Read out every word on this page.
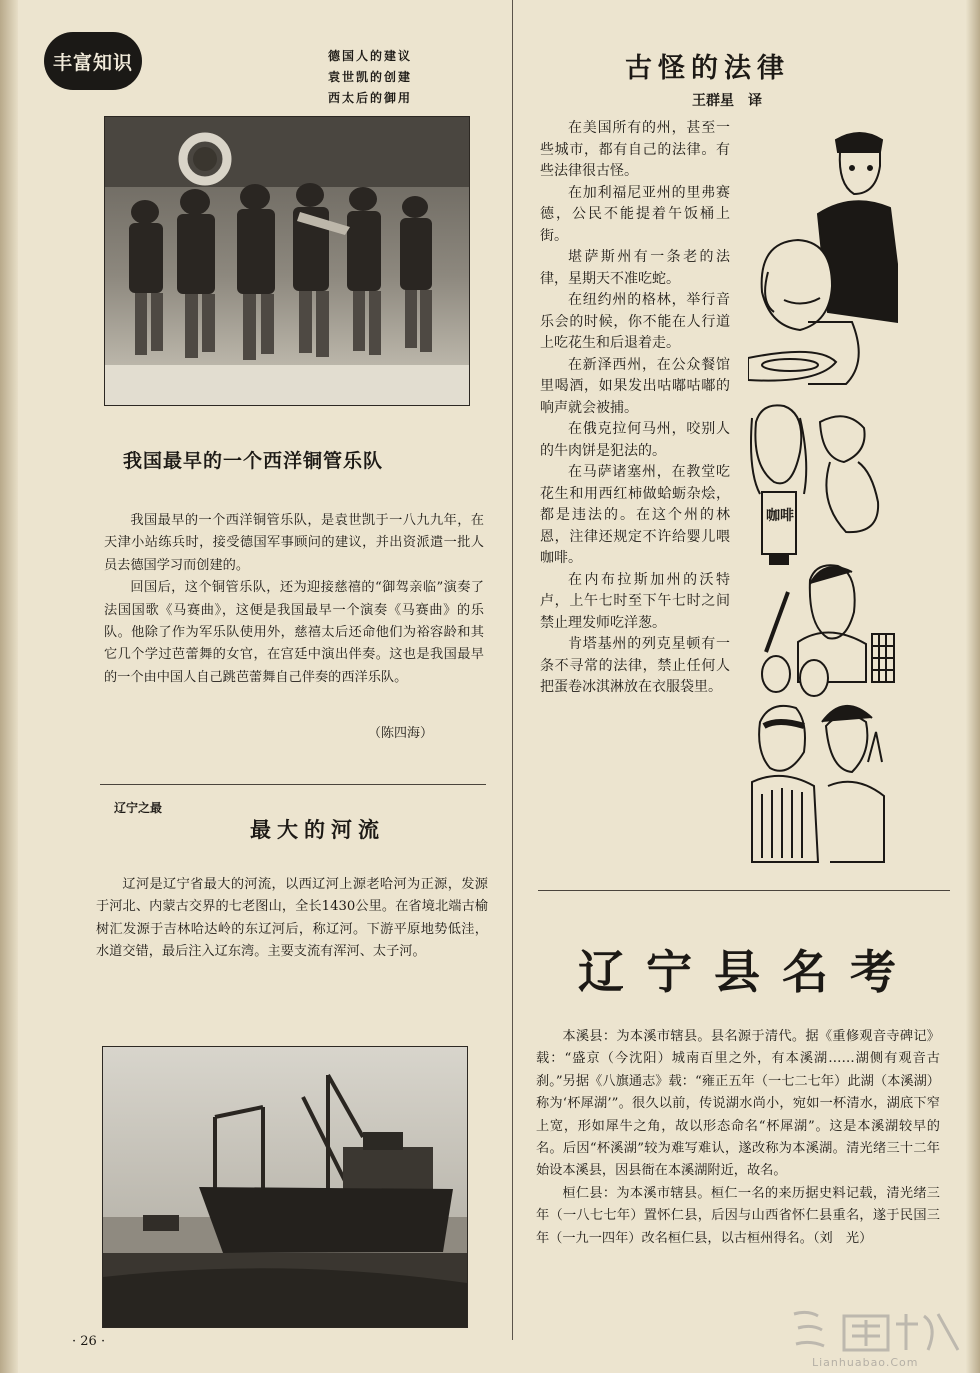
丰富知识	德国人的建议
袁世凯的创建
西太后的御用
我国最早的一个西洋铜管乐队

我国最早的一个西洋铜管乐队，是袁世凯于一八九九年，在天津小站练兵时，接受德国军事顾问的建议，并出资派遣一批人员去德国学习而创建的。

回国后，这个铜管乐队，还为迎接慈禧的“御驾亲临”演奏了法国国歌《马赛曲》，这便是我国最早一个演奏《马赛曲》的乐队。他除了作为军乐队使用外，慈禧太后还命他们为裕容龄和其它几个学过芭蕾舞的女官，在宫廷中演出伴奏。这也是我国最早的一个由中国人自己跳芭蕾舞自己伴奏的西洋乐队。

（陈四海）
辽宁之最
最大的河流

辽河是辽宁省最大的河流，以西辽河上源老哈河为正源，发源于河北、内蒙古交界的七老图山，全长1430公里。在省境北端古榆树汇发源于吉林哈达岭的东辽河后，称辽河。下游平原地势低洼，水道交错，最后注入辽东湾。主要支流有浑河、太子河。

· 26 ·
古怪的法律
王群星　译

在美国所有的州，甚至一些城市，都有自己的法律。有些法律很古怪。

在加利福尼亚州的里弗赛德，公民不能提着午饭桶上街。

堪萨斯州有一条老的法律，星期天不准吃蛇。

在纽约州的格林，举行音乐会的时候，你不能在人行道上吃花生和后退着走。

在新泽西州，在公众餐馆里喝酒，如果发出咕嘟咕嘟的响声就会被捕。

在俄克拉何马州，咬别人的牛肉饼是犯法的。

在马萨诸塞州，在教堂吃花生和用西红柿做蛤蛎杂烩，都是违法的。在这个州的林恩，注律还规定不许给婴儿喂咖啡。

在内布拉斯加州的沃特卢，上午七时至下午七时之间禁止理发师吃洋葱。

肯塔基州的列克星顿有一条不寻常的法律，禁止任何人把蛋卷冰淇淋放在衣服袋里。

咖啡
辽宁县名考

本溪县：为本溪市辖县。县名源于清代。据《重修观音寺碑记》载：“盛京（今沈阳）城南百里之外，有本溪湖……湖侧有观音古刹。”另据《八旗通志》载：“雍正五年（一七二七年）此湖（本溪湖）称为‘杯犀湖’”。很久以前，传说湖水尚小，宛如一杯清水，湖底下窄上宽，形如犀牛之角，故以形态命名“杯犀湖”。这是本溪湖较早的名。后因“杯溪湖”较为难写难认，遂改称为本溪湖。清光绪三十二年始设本溪县，因县衙在本溪湖附近，故名。

桓仁县：为本溪市辖县。桓仁一名的来历据史料记载，清光绪三年（一八七七年）置怀仁县，后因与山西省怀仁县重名，遂于民国三年（一九一四年）改名桓仁县，以古桓州得名。（刘　光）

Lianhuabao.Com
